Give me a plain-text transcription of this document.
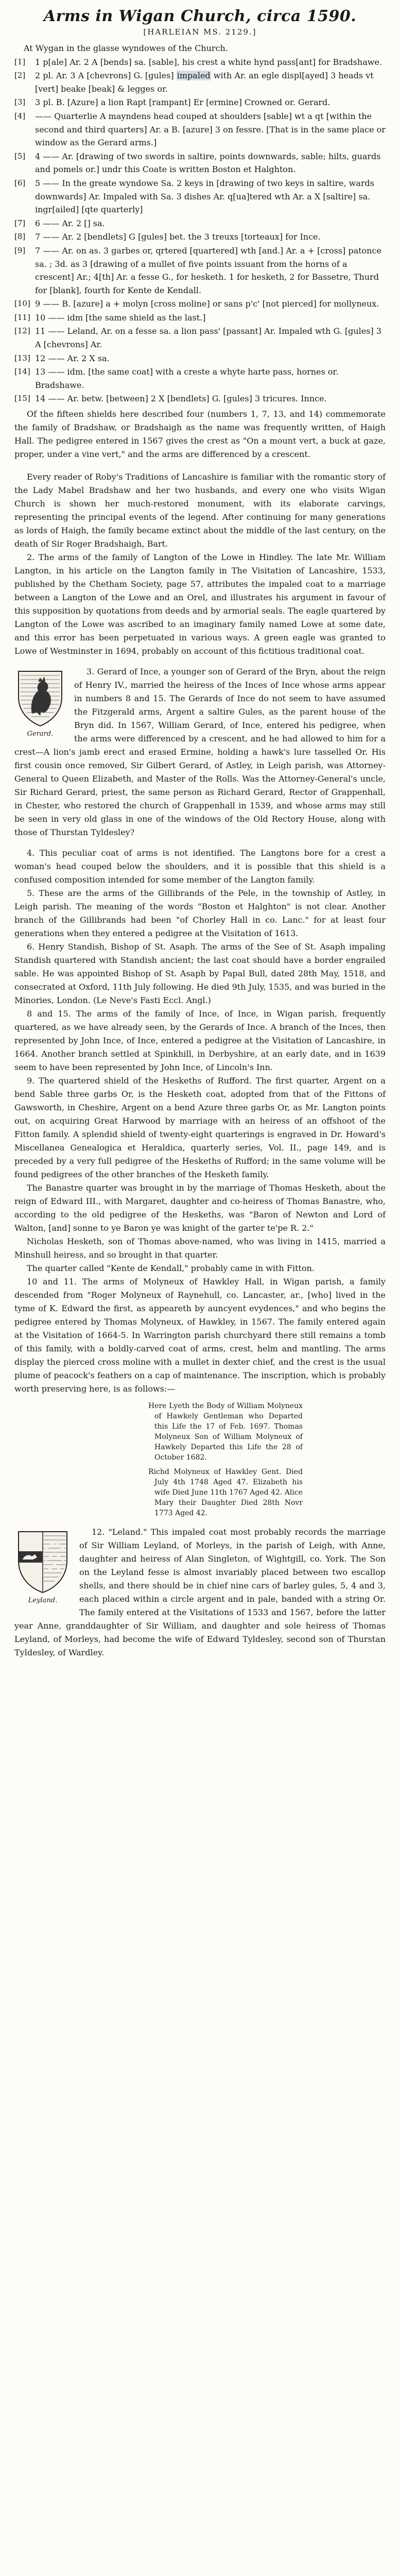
Arms in Wigan Church, circa 1590.
[HARLEIAN MS. 2129.]
At Wygan in the glasse wyndowes of the Church.
[1]	1 p[ale] Ar. 2 A [bends] sa. [sable], his crest a white hynd pass[ant] for Bradshawe.
[2]	2 pl. Ar. 3 A [chevrons] G. [gules] impaled with Ar. an egle displ[ayed] 3 heads vt [vert] beake [beak] & legges or.
[3]	3 pl. B. [Azure] a lion Rapt [rampant] Er [ermine] Crowned or. Gerard.
[4]	—— Quarterlie A mayndens head couped at shoulders [sable] wt a qt [within the second and third quarters] Ar. a B. [azure] 3 on fessre. [That is in the same place or window as the Gerard arms.]
[5]	4 —— Ar. [drawing of two swords in saltire, points downwards, sable; hilts, guards and pomels or.] undr this Coate is written Boston et Halghton.
[6]	5 —— In the greate wyndowe Sa. 2 keys in [drawing of two keys in saltire, wards downwards] Ar. Impaled with Sa. 3 dishes Ar. q[ua]tered wth Ar. a X [saltire] sa. ingr[ailed] [qte quarterly]
[7]	6 —— Ar. 2 [] sa.
[8]	7 —— Ar. 2 [bendlets] G [gules] bet. the 3 treuxs [torteaux] for Ince.
[9]	7 —— Ar. on as. 3 garbes or, qrtered [quartered] wth [and.] Ar. a + [cross] patonce sa. ; 3d. as 3 [drawing of a mullet of five points issuant from the horns of a crescent] Ar.; 4[th] Ar. a fesse G., for hesketh. 1 for hesketh, 2 for Bassetre, Thurd for [blank], fourth for Kente de Kendall.
[10] 9 —— B. [azure] a + molyn [cross moline] or sans p'c' [not pierced] for mollyneux.
[11] 10 —— idm [the same shield as the last.]
[12] 11 —— Leland, Ar. on a fesse sa. a lion pass' [passant] Ar. Impaled wth G. [gules] 3 A [chevrons] Ar.
[13] 12 —— Ar. 2 X sa.
[14] 13 —— idm. [the same coat] with a creste a whyte harte pass, hornes or. Bradshawe.
[15] 14 —— Ar. betw. [between] 2 X [bendlets] G. [gules] 3 tricures. Innce.

Of the fifteen shields here described four (numbers 1, 7, 13, and 14) commemorate the family of Bradshaw, or Bradshaigh as the name was frequently written, of Haigh Hall. The pedigree entered in 1567 gives the crest as "On a mount vert, a buck at gaze, proper, under a vine vert," and the arms are differenced by a crescent.

Every reader of Roby's Traditions of Lancashire is familiar with the romantic story of the Lady Mabel Bradshaw and her two husbands, and every one who visits Wigan Church is shown her much-restored monument, with its elaborate carvings, representing the principal events of the legend. After continuing for many generations as lords of Haigh, the family became extinct about the middle of the last century, on the death of Sir Roger Bradshaigh, Bart.

2. The arms of the family of Langton of the Lowe in Hindley. The late Mr. William Langton, in his article on the Langton family in The Visitation of Lancashire, 1533, published by the Chetham Society, page 57, attributes the impaled coat to a marriage between a Langton of the Lowe and an Orel, and illustrates his argument in favour of this supposition by quotations from deeds and by armorial seals. The eagle quartered by Langton of the Lowe was ascribed to an imaginary family named Lowe at some date, and this error has been perpetuated in various ways. A green eagle was granted to Lowe of Westminster in 1694, probably on account of this fictitious traditional coat.

Gerard.

3. Gerard of Ince, a younger son of Gerard of the Bryn, about the reign of Henry IV., married the heiress of the Inces of Ince whose arms appear in numbers 8 and 15. The Gerards of Ince do not seem to have assumed the Fitzgerald arms, Argent a saltire Gules, as the parent house of the Bryn did. In 1567, William Gerard, of Ince, entered his pedigree, when the arms were differenced by a crescent, and he had allowed to him for a crest—A lion's jamb erect and erased Ermine, holding a hawk's lure tasselled Or. His first cousin once removed, Sir Gilbert Gerard, of Astley, in Leigh parish, was Attorney-General to Queen Elizabeth, and Master of the Rolls. Was the Attorney-General's uncle, Sir Richard Gerard, priest, the same person as Richard Gerard, Rector of Grappenhall, in Chester, who restored the church of Grappenhall in 1539, and whose arms may still be seen in very old glass in one of the windows of the Old Rectory House, along with those of Thurstan Tyldesley?

4. This peculiar coat of arms is not identified. The Langtons bore for a crest a woman's head couped below the shoulders, and it is possible that this shield is a confused composition intended for some member of the Langton family.

5. These are the arms of the Gillibrands of the Pele, in the township of Astley, in Leigh parish. The meaning of the words "Boston et Halghton" is not clear. Another branch of the Gillibrands had been "of Chorley Hall in co. Lanc." for at least four generations when they entered a pedigree at the Visitation of 1613.

6. Henry Standish, Bishop of St. Asaph. The arms of the See of St. Asaph impaling Standish quartered with Standish ancient; the last coat should have a border engrailed sable. He was appointed Bishop of St. Asaph by Papal Bull, dated 28th May, 1518, and consecrated at Oxford, 11th July following. He died 9th July, 1535, and was buried in the Minories, London. (Le Neve's Fasti Eccl. Angl.)

8 and 15. The arms of the family of Ince, of Ince, in Wigan parish, frequently quartered, as we have already seen, by the Gerards of Ince. A branch of the Inces, then represented by John Ince, of Ince, entered a pedigree at the Visitation of Lancashire, in 1664. Another branch settled at Spinkhill, in Derbyshire, at an early date, and in 1639 seem to have been represented by John Ince, of Lincoln's Inn.

9. The quartered shield of the Heskeths of Rufford. The first quarter, Argent on a bend Sable three garbs Or, is the Hesketh coat, adopted from that of the Fittons of Gawsworth, in Cheshire, Argent on a bend Azure three garbs Or, as Mr. Langton points out, on acquiring Great Harwood by marriage with an heiress of an offshoot of the Fitton family. A splendid shield of twenty-eight quarterings is engraved in Dr. Howard's Miscellanea Genealogica et Heraldica, quarterly series, Vol. II., page 149, and is preceded by a very full pedigree of the Heskeths of Rufford; in the same volume will be found pedigrees of the other branches of the Hesketh family.

The Banastre quarter was brought in by the marriage of Thomas Hesketh, about the reign of Edward III., with Margaret, daughter and co-heiress of Thomas Banastre, who, according to the old pedigree of the Heskeths, was "Baron of Newton and Lord of Walton, [and] sonne to ye Baron ye was knight of the garter te'pe R. 2."

Nicholas Hesketh, son of Thomas above-named, who was living in 1415, married a Minshull heiress, and so brought in that quarter.

The quarter called "Kente de Kendall," probably came in with Fitton.

10 and 11. The arms of Molyneux of Hawkley Hall, in Wigan parish, a family descended from "Roger Molyneux of Raynehull, co. Lancaster, ar., [who] lived in the tyme of K. Edward the first, as appeareth by auncyent evydences," and who begins the pedigree entered by Thomas Molyneux, of Hawkley, in 1567. The family entered again at the Visitation of 1664-5. In Warrington parish churchyard there still remains a tomb of this family, with a boldly-carved coat of arms, crest, helm and mantling. The arms display the pierced cross moline with a mullet in dexter chief, and the crest is the usual plume of peacock's feathers on a cap of maintenance. The inscription, which is probably worth preserving here, is as follows:—

Here Lyeth the Body of William Molyneux of Hawkely Gentleman who Departed this Life the 17 of Feb. 1697. Thomas Molyneux Son of William Molyneux of Hawkely Departed this Life the 28 of October 1682.

Richd Molyneux of Hawkley Gent. Died July 4th 1748 Aged 47. Elizabeth his wife Died June 11th 1767 Aged 42. Alice Mary their Daughter Died 28th Novr 1773 Aged 42.

Leyland.

12. "Leland." This impaled coat most probably records the marriage of Sir William Leyland, of Morleys, in the parish of Leigh, with Anne, daughter and heiress of Alan Singleton, of Wightgill, co. York. The Son on the Leyland fesse is almost invariably placed between two escallop shells, and there should be in chief nine cars of barley gules, 5, 4 and 3, each placed within a circle argent and in pale, banded with a string Or. The family entered at the Visitations of 1533 and 1567, before the latter year Anne, granddaughter of Sir William, and daughter and sole heiress of Thomas Leyland, of Morleys, had become the wife of Edward Tyldesley, second son of Thurstan Tyldesley, of Wardley.
